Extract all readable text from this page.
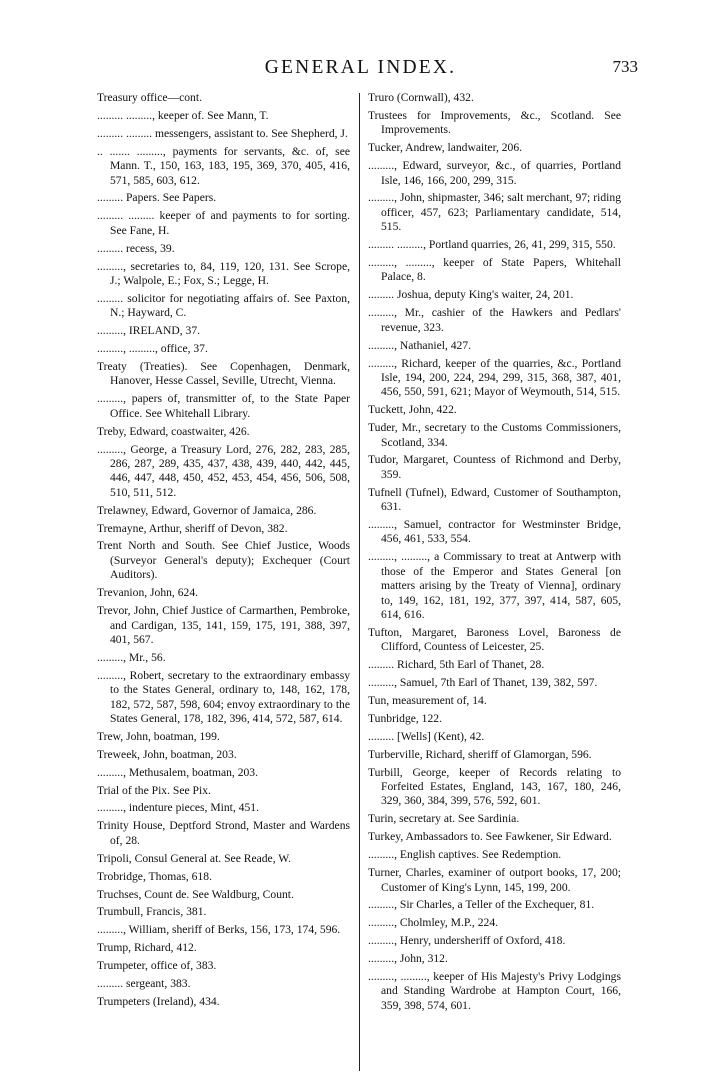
GENERAL INDEX.	733

Treasury office—cont.

......... ........., keeper of. See Mann, T.

......... ......... messengers, assistant to. See Shepherd, J.

.. ....... ........., payments for servants, &c. of, see Mann. T., 150, 163, 183, 195, 369, 370, 405, 416, 571, 585, 603, 612.

......... Papers. See Papers.

......... ......... keeper of and payments to for sorting. See Fane, H.

......... recess, 39.

........., secretaries to, 84, 119, 120, 131. See Scrope, J.; Walpole, E.; Fox, S.; Legge, H.

......... solicitor for negotiating affairs of. See Paxton, N.; Hayward, C.

........., IRELAND, 37.

........., ........., office, 37.

Treaty (Treaties). See Copenhagen, Denmark, Hanover, Hesse Cassel, Seville, Utrecht, Vienna.

........., papers of, transmitter of, to the State Paper Office. See Whitehall Library.

Treby, Edward, coastwaiter, 426.

........., George, a Treasury Lord, 276, 282, 283, 285, 286, 287, 289, 435, 437, 438, 439, 440, 442, 445, 446, 447, 448, 450, 452, 453, 454, 456, 506, 508, 510, 511, 512.

Trelawney, Edward, Governor of Jamaica, 286.

Tremayne, Arthur, sheriff of Devon, 382.

Trent North and South. See Chief Justice, Woods (Surveyor General's deputy); Exchequer (Court Auditors).

Trevanion, John, 624.

Trevor, John, Chief Justice of Carmarthen, Pembroke, and Cardigan, 135, 141, 159, 175, 191, 388, 397, 401, 567.

........., Mr., 56.

........., Robert, secretary to the extraordinary embassy to the States General, ordinary to, 148, 162, 178, 182, 572, 587, 598, 604; envoy extraordinary to the States General, 178, 182, 396, 414, 572, 587, 614.

Trew, John, boatman, 199.

Treweek, John, boatman, 203.

........., Methusalem, boatman, 203.

Trial of the Pix. See Pix.

........., indenture pieces, Mint, 451.

Trinity House, Deptford Strond, Master and Wardens of, 28.

Tripoli, Consul General at. See Reade, W.

Trobridge, Thomas, 618.

Truchses, Count de. See Waldburg, Count.

Trumbull, Francis, 381.

........., William, sheriff of Berks, 156, 173, 174, 596.

Trump, Richard, 412.

Trumpeter, office of, 383.

......... sergeant, 383.

Trumpeters (Ireland), 434.

Truro (Cornwall), 432.

Trustees for Improvements, &c., Scotland. See Improvements.

Tucker, Andrew, landwaiter, 206.

........., Edward, surveyor, &c., of quarries, Portland Isle, 146, 166, 200, 299, 315.

........., John, shipmaster, 346; salt merchant, 97; riding officer, 457, 623; Parliamentary candidate, 514, 515.

......... ........., Portland quarries, 26, 41, 299, 315, 550.

........., ........., keeper of State Papers, Whitehall Palace, 8.

......... Joshua, deputy King's waiter, 24, 201.

........., Mr., cashier of the Hawkers and Pedlars' revenue, 323.

........., Nathaniel, 427.

........., Richard, keeper of the quarries, &c., Portland Isle, 194, 200, 224, 294, 299, 315, 368, 387, 401, 456, 550, 591, 621; Mayor of Weymouth, 514, 515.

Tuckett, John, 422.

Tuder, Mr., secretary to the Customs Commissioners, Scotland, 334.

Tudor, Margaret, Countess of Richmond and Derby, 359.

Tufnell (Tufnel), Edward, Customer of Southampton, 631.

........., Samuel, contractor for Westminster Bridge, 456, 461, 533, 554.

........., ........., a Commissary to treat at Antwerp with those of the Emperor and States General [on matters arising by the Treaty of Vienna], ordinary to, 149, 162, 181, 192, 377, 397, 414, 587, 605, 614, 616.

Tufton, Margaret, Baroness Lovel, Baroness de Clifford, Countess of Leicester, 25.

......... Richard, 5th Earl of Thanet, 28.

........., Samuel, 7th Earl of Thanet, 139, 382, 597.

Tun, measurement of, 14.

Tunbridge, 122.

......... [Wells] (Kent), 42.

Turberville, Richard, sheriff of Glamorgan, 596.

Turbill, George, keeper of Records relating to Forfeited Estates, England, 143, 167, 180, 246, 329, 360, 384, 399, 576, 592, 601.

Turin, secretary at. See Sardinia.

Turkey, Ambassadors to. See Fawkener, Sir Edward.

........., English captives. See Redemption.

Turner, Charles, examiner of outport books, 17, 200; Customer of King's Lynn, 145, 199, 200.

........., Sir Charles, a Teller of the Exchequer, 81.

........., Cholmley, M.P., 224.

........., Henry, undersheriff of Oxford, 418.

........., John, 312.

........., ........., keeper of His Majesty's Privy Lodgings and Standing Wardrobe at Hampton Court, 166, 359, 398, 574, 601.
